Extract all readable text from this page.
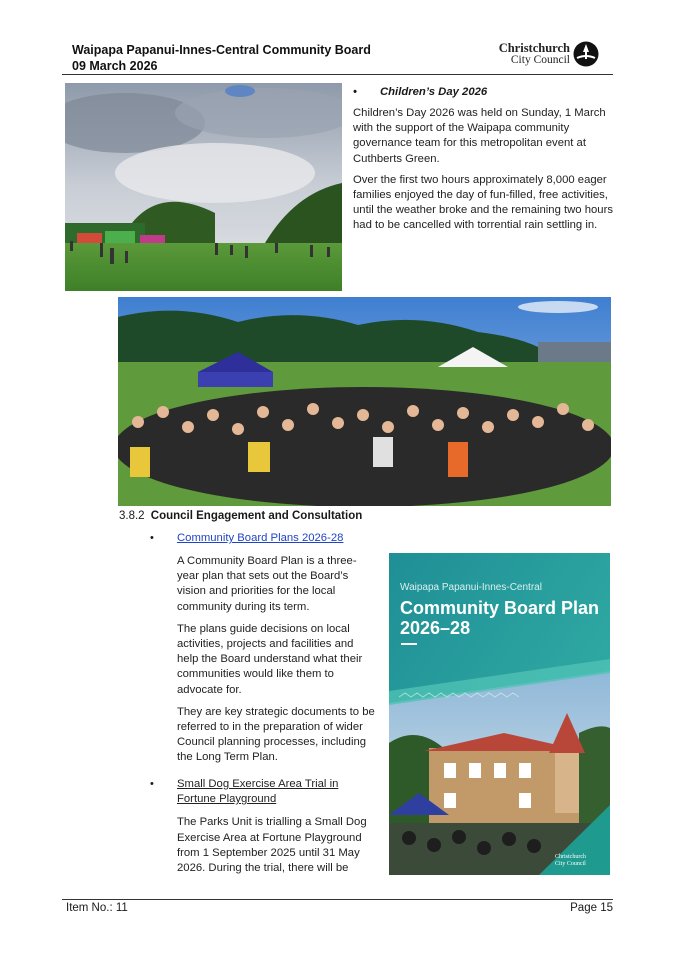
Waipapa Papanui-Innes-Central Community Board
09 March 2026
Christchurch
City Council
• Children’s Day 2026

Children’s Day 2026 was held on Sunday, 1 March with the support of the Waipapa community governance team for this metropolitan event at Cuthberts Green.

Over the first two hours approximately 8,000 eager families enjoyed the day of fun-filled, free activities, until the weather broke and the remaining two hours had to be cancelled with torrential rain settling in.

3.8.2 Council Engagement and Consultation
• Community Board Plans 2026-28

A Community Board Plan is a three-year plan that sets out the Board’s vision and priorities for the local community during its term.

The plans guide decisions on local activities, projects and facilities and help the Board understand what their communities would like them to advocate for.

They are key strategic documents to be referred to in the preparation of wider Council planning processes, including the Long Term Plan.

• Small Dog Exercise Area Trial in Fortune Playground

The Parks Unit is trialling a Small Dog Exercise Area at Fortune Playground from 1 September 2025 until 31 May 2026. During the trial, there will be

Waipapa Papanui-Innes-Central
Community Board Plan 2026–28
Christchurch
City Council
Item No.: 11	Page 15
